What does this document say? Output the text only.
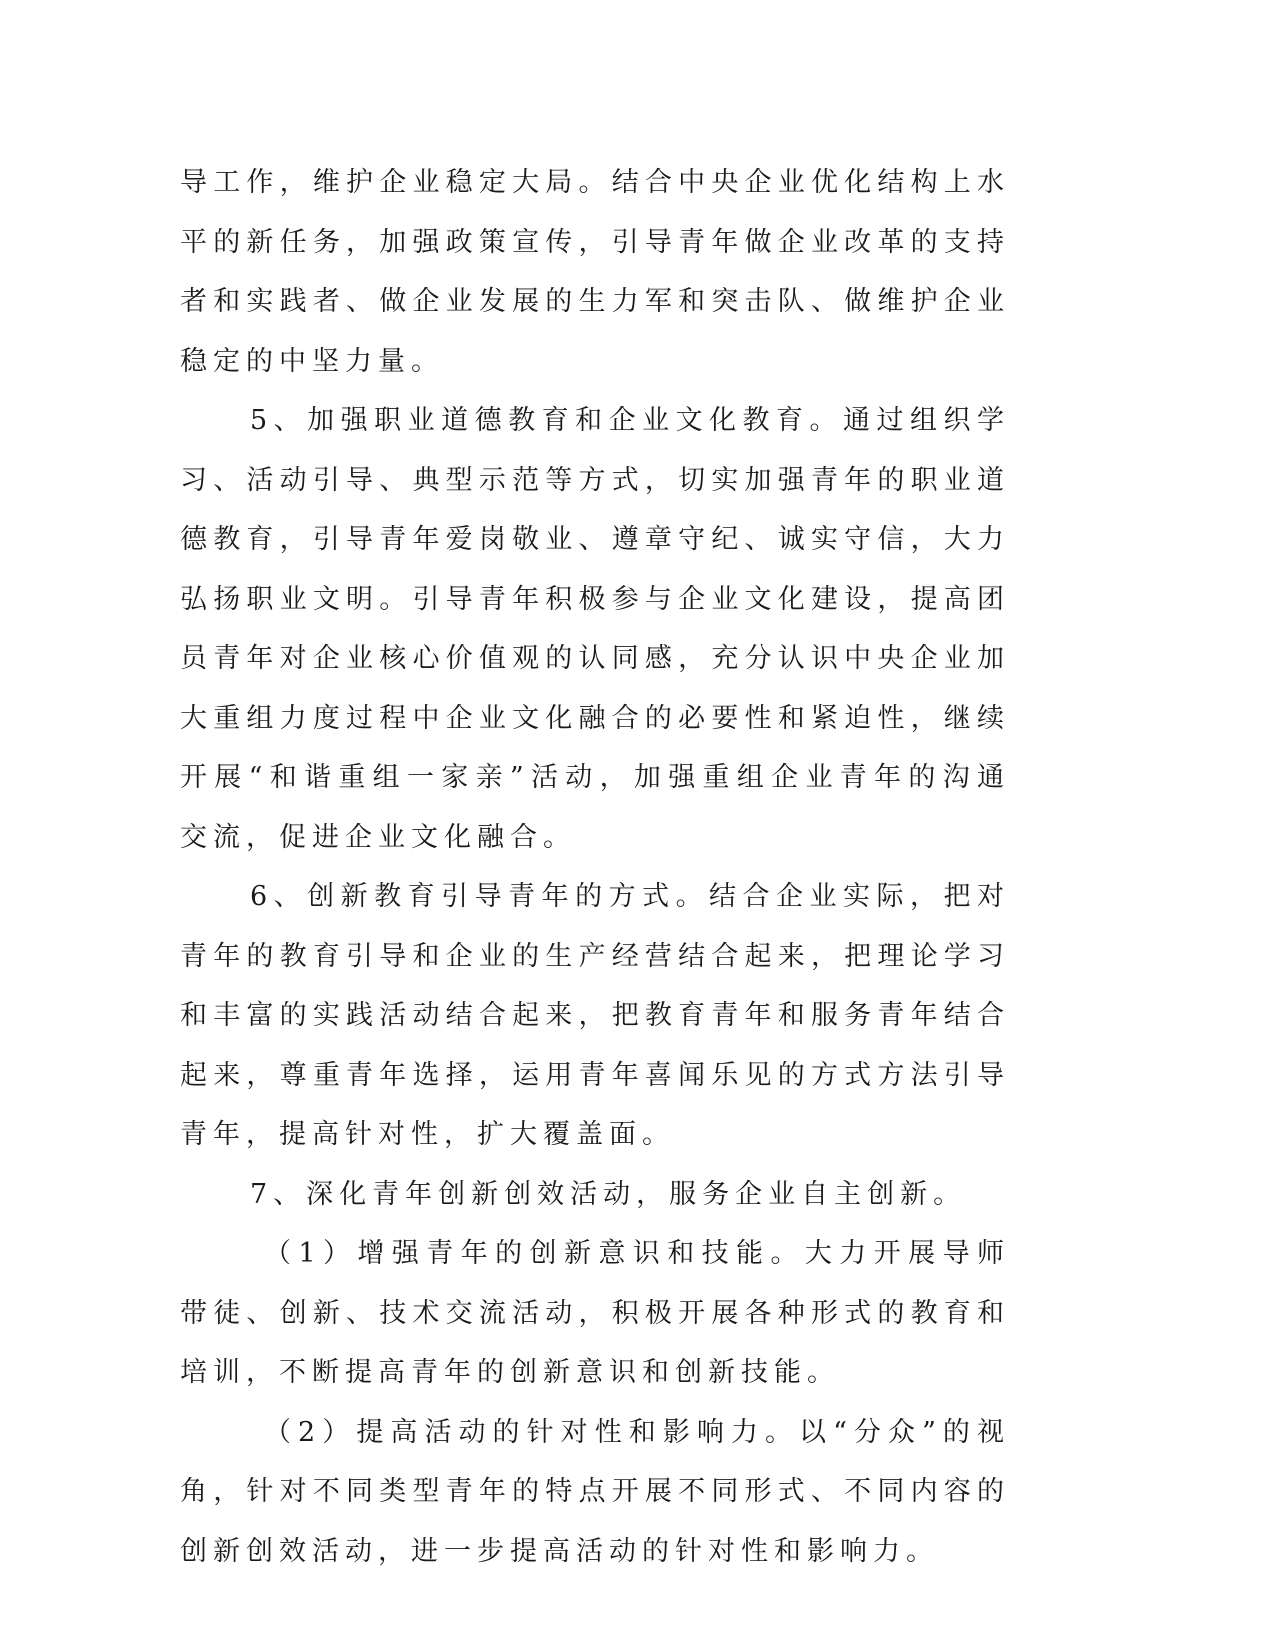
导工作，维护企业稳定大局。结合中央企业优化结构上水平的新任务，加强政策宣传，引导青年做企业改革的支持者和实践者、做企业发展的生力军和突击队、做维护企业稳定的中坚力量。

5、加强职业道德教育和企业文化教育。通过组织学习、活动引导、典型示范等方式，切实加强青年的职业道德教育，引导青年爱岗敬业、遵章守纪、诚实守信，大力弘扬职业文明。引导青年积极参与企业文化建设，提高团员青年对企业核心价值观的认同感，充分认识中央企业加大重组力度过程中企业文化融合的必要性和紧迫性，继续开展“和谐重组一家亲”活动，加强重组企业青年的沟通交流，促进企业文化融合。

6、创新教育引导青年的方式。结合企业实际，把对青年的教育引导和企业的生产经营结合起来，把理论学习和丰富的实践活动结合起来，把教育青年和服务青年结合起来，尊重青年选择，运用青年喜闻乐见的方式方法引导青年，提高针对性，扩大覆盖面。

7、深化青年创新创效活动，服务企业自主创新。

（1）增强青年的创新意识和技能。大力开展导师带徒、创新、技术交流活动，积极开展各种形式的教育和培训，不断提高青年的创新意识和创新技能。

（2）提高活动的针对性和影响力。以“分众”的视角，针对不同类型青年的特点开展不同形式、不同内容的创新创效活动，进一步提高活动的针对性和影响力。
